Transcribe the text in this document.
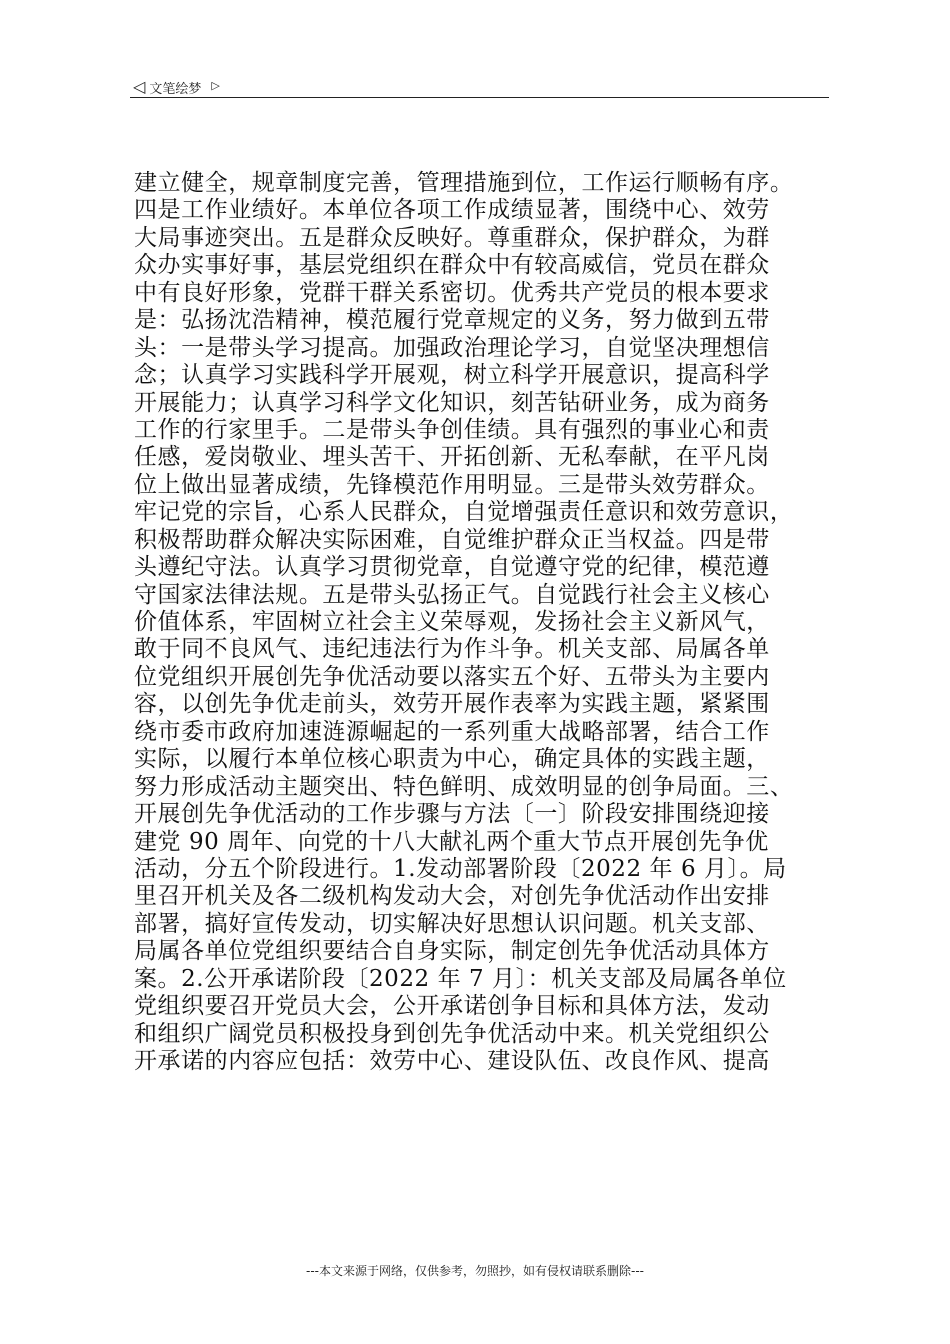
◁ 文笔绘梦 ▷
建立健全，规章制度完善，管理措施到位，工作运行顺畅有序。
四是工作业绩好。本单位各项工作成绩显著，围绕中心、效劳
大局事迹突出。五是群众反映好。尊重群众，保护群众，为群
众办实事好事，基层党组织在群众中有较高威信，党员在群众
中有良好形象，党群干群关系密切。优秀共产党员的根本要求
是：弘扬沈浩精神，模范履行党章规定的义务，努力做到五带
头：一是带头学习提高。加强政治理论学习，自觉坚决理想信
念；认真学习实践科学开展观，树立科学开展意识，提高科学
开展能力；认真学习科学文化知识，刻苦钻研业务，成为商务
工作的行家里手。二是带头争创佳绩。具有强烈的事业心和责
任感，爱岗敬业、埋头苦干、开拓创新、无私奉献，在平凡岗
位上做出显著成绩，先锋模范作用明显。三是带头效劳群众。
牢记党的宗旨，心系人民群众，自觉增强责任意识和效劳意识，
积极帮助群众解决实际困难，自觉维护群众正当权益。四是带
头遵纪守法。认真学习贯彻党章，自觉遵守党的纪律，模范遵
守国家法律法规。五是带头弘扬正气。自觉践行社会主义核心
价值体系，牢固树立社会主义荣辱观，发扬社会主义新风气，
敢于同不良风气、违纪违法行为作斗争。机关支部、局属各单
位党组织开展创先争优活动要以落实五个好、五带头为主要内
容，以创先争优走前头，效劳开展作表率为实践主题，紧紧围
绕市委市政府加速涟源崛起的一系列重大战略部署，结合工作
实际，以履行本单位核心职责为中心，确定具体的实践主题，
努力形成活动主题突出、特色鲜明、成效明显的创争局面。三、
开展创先争优活动的工作步骤与方法〔一〕阶段安排围绕迎接
建党 90 周年、向党的十八大献礼两个重大节点开展创先争优
活动，分五个阶段进行。1.发动部署阶段〔2022 年 6 月〕。局
里召开机关及各二级机构发动大会，对创先争优活动作出安排
部署，搞好宣传发动，切实解决好思想认识问题。机关支部、
局属各单位党组织要结合自身实际，制定创先争优活动具体方
案。2.公开承诺阶段〔2022 年 7 月〕：机关支部及局属各单位
党组织要召开党员大会，公开承诺创争目标和具体方法，发动
和组织广阔党员积极投身到创先争优活动中来。机关党组织公
开承诺的内容应包括：效劳中心、建设队伍、改良作风、提高
---本文来源于网络，仅供参考，勿照抄，如有侵权请联系删除---
